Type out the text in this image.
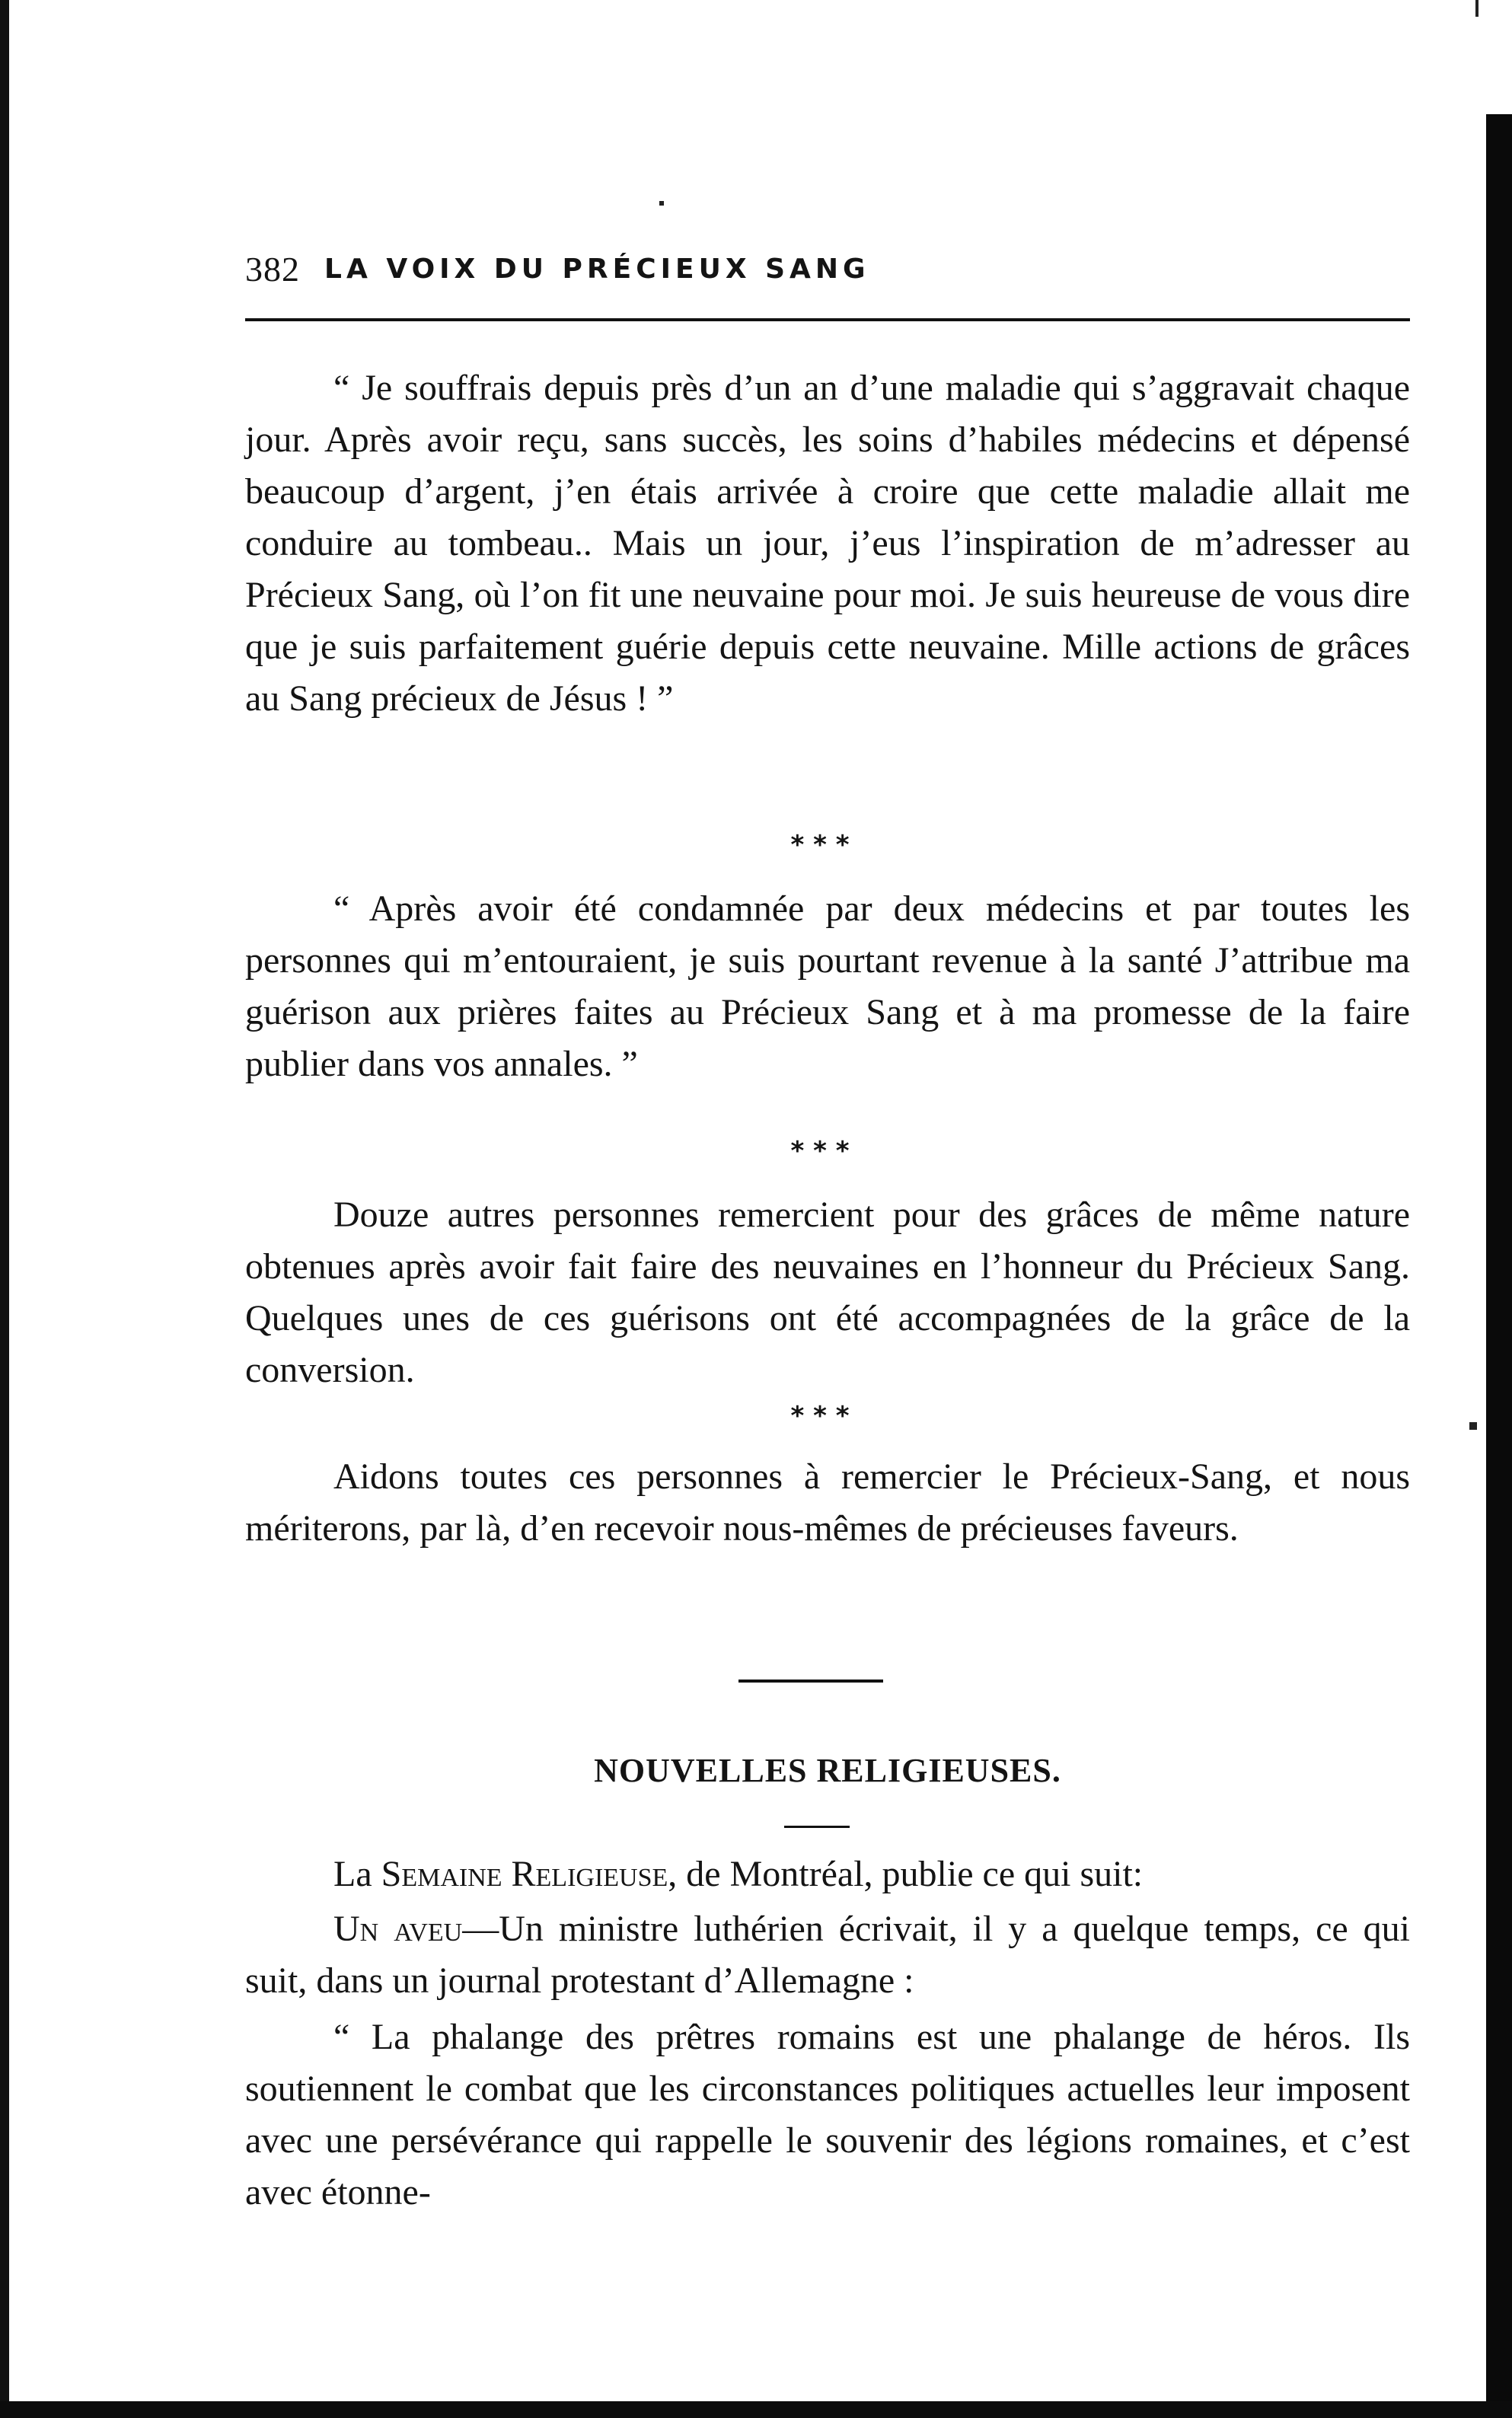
382 LA VOIX DU PRÉCIEUX SANG

“ Je souffrais depuis près d’un an d’une maladie qui s’aggravait chaque jour. Après avoir reçu, sans succès, les soins d’habiles médecins et dépensé beaucoup d’argent, j’en étais arrivée à croire que cette maladie allait me conduire au tombeau.. Mais un jour, j’eus l’inspiration de m’adresser au Précieux Sang, où l’on fit une neuvaine pour moi. Je suis heureuse de vous dire que je suis parfaitement guérie depuis cette neuvaine. Mille actions de grâces au Sang précieux de Jésus ! ”

* * *

“ Après avoir été condamnée par deux médecins et par toutes les personnes qui m’entouraient, je suis pourtant revenue à la santé J’attribue ma guérison aux prières faites au Précieux Sang et à ma promesse de la faire publier dans vos annales. ”

* * *

Douze autres personnes remercient pour des grâces de même nature obtenues après avoir fait faire des neuvaines en l’honneur du Précieux Sang. Quelques unes de ces guérisons ont été accompagnées de la grâce de la conversion.

* * *

Aidons toutes ces personnes à remercier le Précieux-Sang, et nous mériterons, par là, d’en recevoir nous-mêmes de précieuses faveurs.

NOUVELLES RELIGIEUSES.

La Semaine Religieuse, de Montréal, publie ce qui suit:

Un aveu—Un ministre luthérien écrivait, il y a quelque temps, ce qui suit, dans un journal protestant d’Allemagne :

“ La phalange des prêtres romains est une phalange de héros. Ils soutiennent le combat que les circonstances politiques actuelles leur imposent avec une persévérance qui rappelle le souvenir des légions romaines, et c’est avec étonne-
